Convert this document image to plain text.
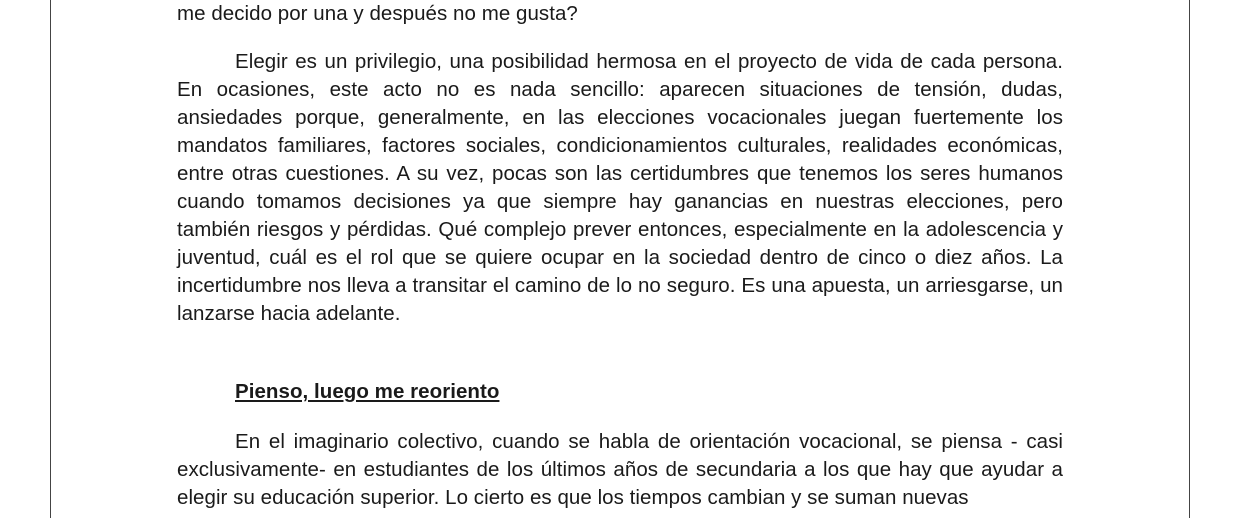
me decido por una y después no me gusta?

Elegir es un privilegio, una posibilidad hermosa en el proyecto de vida de cada persona. En ocasiones, este acto no es nada sencillo: aparecen situaciones de tensión, dudas, ansiedades porque, generalmente, en las elecciones vocacionales juegan fuertemente los mandatos familiares, factores sociales, condicionamientos culturales, realidades económicas, entre otras cuestiones. A su vez, pocas son las certidumbres que tenemos los seres humanos cuando tomamos decisiones ya que siempre hay ganancias en nuestras elecciones, pero también riesgos y pérdidas. Qué complejo prever entonces, especialmente en la adolescencia y juventud, cuál es el rol que se quiere ocupar en la sociedad dentro de cinco o diez años. La incertidumbre nos lleva a transitar el camino de lo no seguro. Es una apuesta, un arriesgarse, un lanzarse hacia adelante.

Pienso, luego me reoriento

En el imaginario colectivo, cuando se habla de orientación vocacional, se piensa - casi exclusivamente- en estudiantes de los últimos años de secundaria a los que hay que ayudar a elegir su educación superior. Lo cierto es que los tiempos cambian y se suman nuevas
